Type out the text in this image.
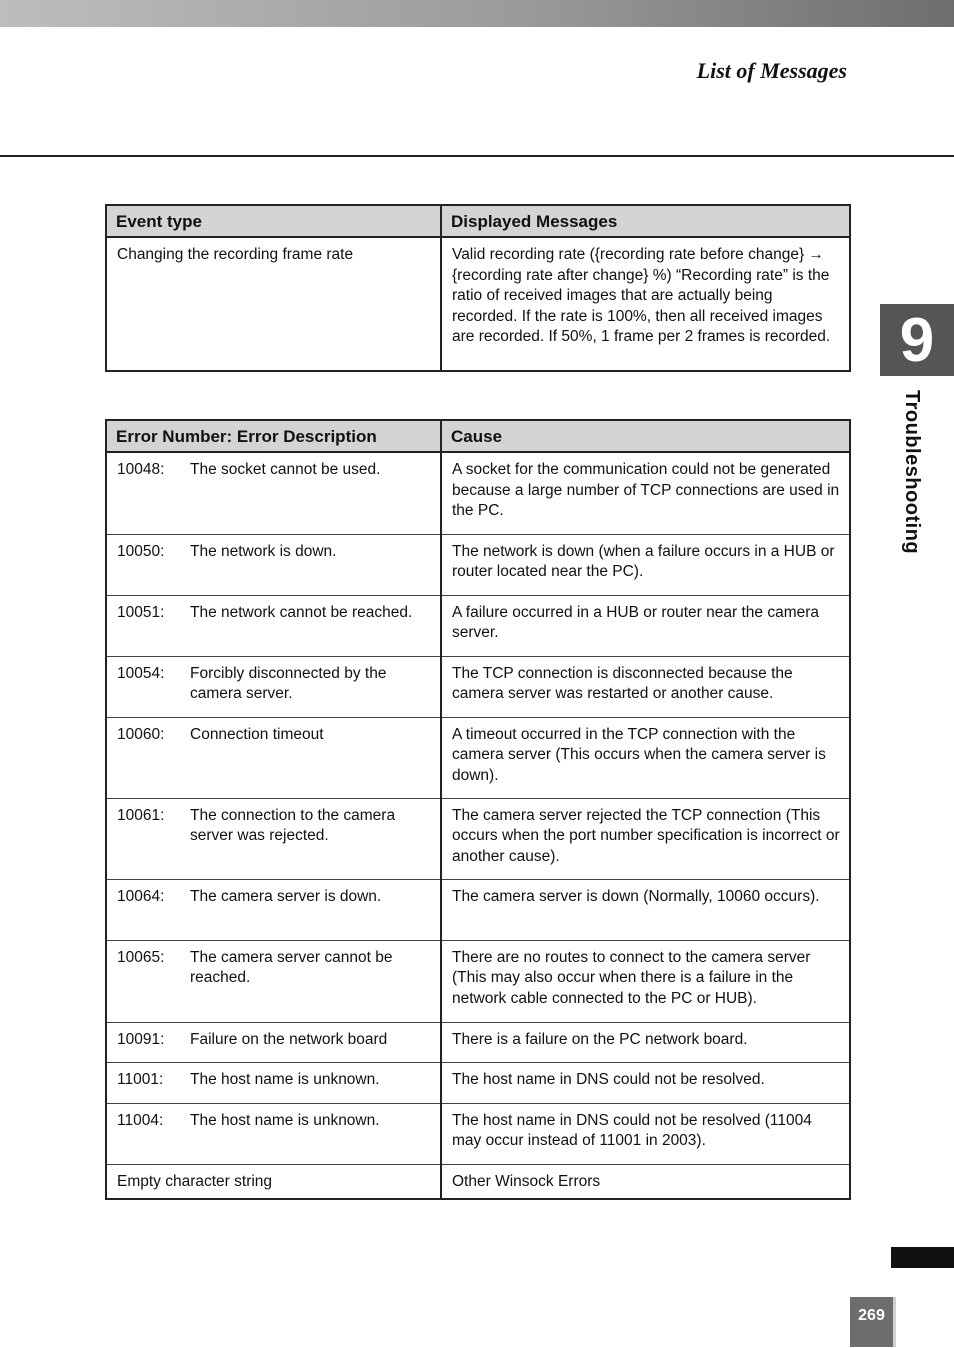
List of Messages
9
Troubleshooting
Event type	Displayed Messages
Changing the recording frame rate	Valid recording rate ({recording rate before change} → {recording rate after change} %) “Recording rate” is the ratio of received images that are actually being recorded. If the rate is 100%, then all received images are recorded. If 50%, 1 frame per 2 frames is recorded.
Error Number: Error Description	Cause

10048: The socket cannot be used.	A socket for the communication could not be generated because a large number of TCP connections are used in the PC.

10050: The network is down.	The network is down (when a failure occurs in a HUB or router located near the PC).

10051: The network cannot be reached.	A failure occurred in a HUB or router near the camera server.

10054: Forcibly disconnected by the camera server.	The TCP connection is disconnected because the camera server was restarted or another cause.

10060: Connection timeout	A timeout occurred in the TCP connection with the camera server (This occurs when the camera server is down).

10061: The connection to the camera server was rejected.	The camera server rejected the TCP connection (This occurs when the port number specification is incorrect or another cause).

10064: The camera server is down.	The camera server is down (Normally, 10060 occurs).

10065: The camera server cannot be reached.	There are no routes to connect to the camera server (This may also occur when there is a failure in the network cable connected to the PC or HUB).

10091: Failure on the network board	There is a failure on the PC network board.

11001: The host name is unknown.	The host name in DNS could not be resolved.

11004: The host name is unknown.	The host name in DNS could not be resolved (11004 may occur instead of 11001 in 2003).
Empty character string	Other Winsock Errors
269
